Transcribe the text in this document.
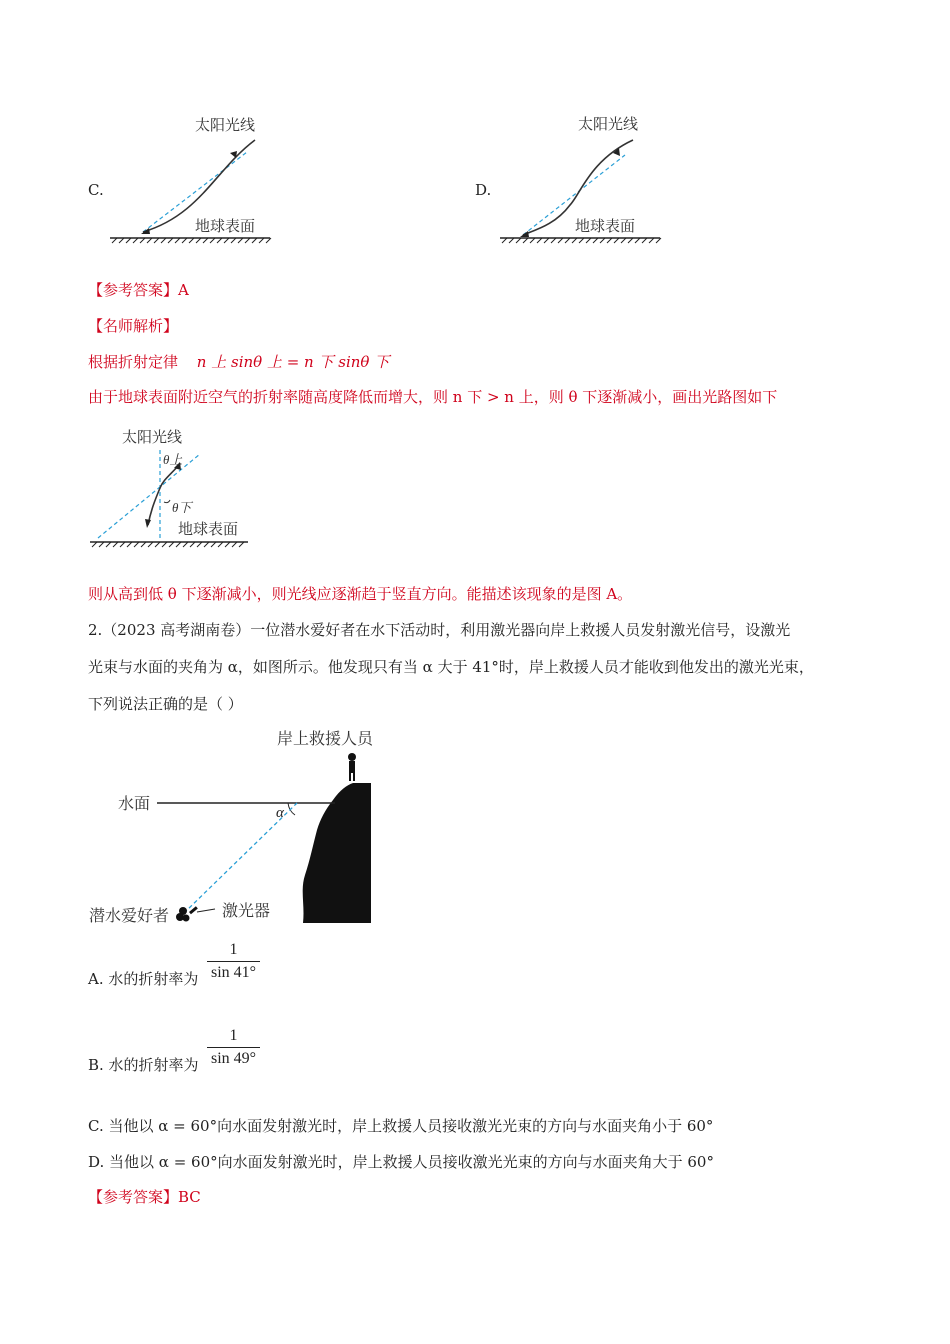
C.
太阳光线
地球表面
D.
太阳光线
地球表面
【参考答案】A
【名师解析】
根据折射定律 n 上 sinθ 上 = n 下 sinθ 下
由于地球表面附近空气的折射率随高度降低而增大，则 n 下 > n 上，则 θ 下逐渐减小，画出光路图如下
太阳光线
θ上
θ下
地球表面
则从高到低 θ 下逐渐减小，则光线应逐渐趋于竖直方向。能描述该现象的是图 A。
2.（2023 高考湖南卷）一位潜水爱好者在水下活动时，利用激光器向岸上救援人员发射激光信号，设激光
光束与水面的夹角为 α，如图所示。他发现只有当 α 大于 41°时，岸上救援人员才能收到他发出的激光光束，
下列说法正确的是（ ）
岸上救援人员
水面	α
潜水爱好者	激光器
A. 水的折射率为 $\frac{1}{\sin 41^\circ}$
B. 水的折射率为 $\frac{1}{\sin 49^\circ}$
C. 当他以 α = 60°向水面发射激光时，岸上救援人员接收激光光束的方向与水面夹角小于 60°
D. 当他以 α = 60°向水面发射激光时，岸上救援人员接收激光光束的方向与水面夹角大于 60°
【参考答案】BC
